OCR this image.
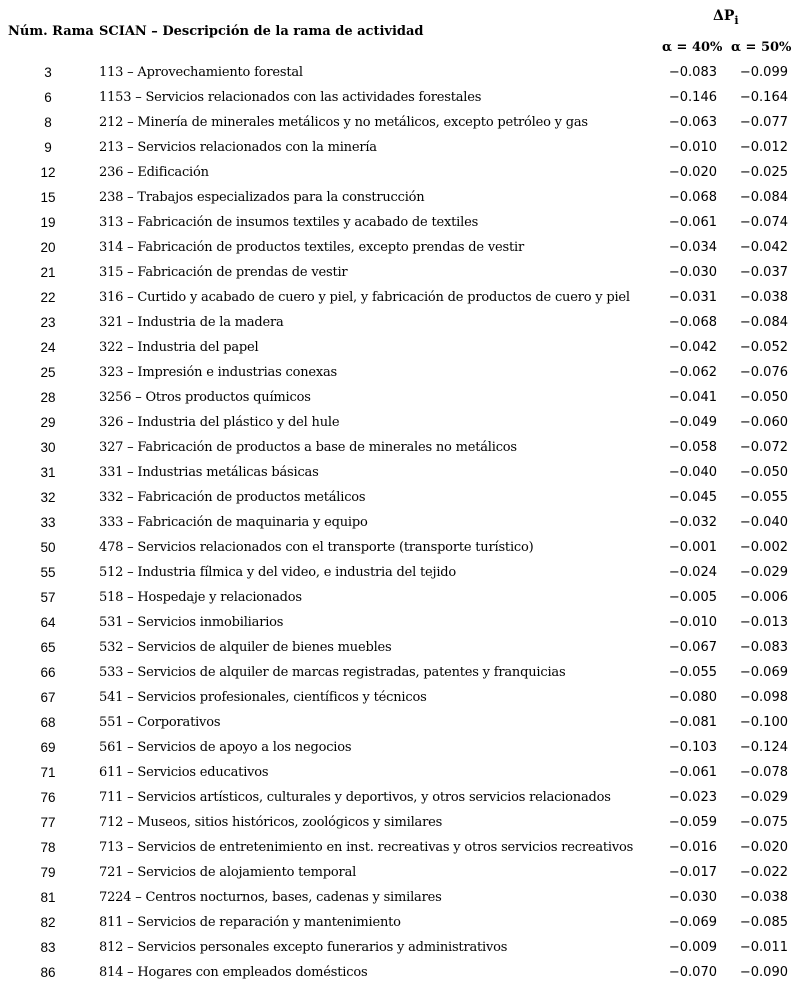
Núm. Rama SCIAN – Descripción de la rama de actividad
$\Delta P_i$
α = 40% α = 50%
3	113 – Aprovechamiento forestal	−0.083 −0.099
6	1153 – Servicios relacionados con las actividades forestales	−0.146 −0.164
8	212 – Minería de minerales metálicos y no metálicos, excepto petróleo y gas	−0.063 −0.077
9	213 – Servicios relacionados con la minería	−0.010 −0.012
12	236 – Edificación	−0.020 −0.025
15	238 – Trabajos especializados para la construcción	−0.068 −0.084
19	313 – Fabricación de insumos textiles y acabado de textiles	−0.061 −0.074
20	314 – Fabricación de productos textiles, excepto prendas de vestir	−0.034 −0.042
21	315 – Fabricación de prendas de vestir	−0.030 −0.037
22	316 – Curtido y acabado de cuero y piel, y fabricación de productos de cuero y piel	−0.031 −0.038
23	321 – Industria de la madera	−0.068 −0.084
24	322 – Industria del papel	−0.042 −0.052
25	323 – Impresión e industrias conexas	−0.062 −0.076
28	3256 – Otros productos químicos	−0.041 −0.050
29	326 – Industria del plástico y del hule	−0.049 −0.060
30	327 – Fabricación de productos a base de minerales no metálicos	−0.058 −0.072
31	331 – Industrias metálicas básicas	−0.040 −0.050
32	332 – Fabricación de productos metálicos	−0.045 −0.055
33	333 – Fabricación de maquinaria y equipo	−0.032 −0.040
50	478 – Servicios relacionados con el transporte (transporte turístico)	−0.001 −0.002
55	512 – Industria fílmica y del video, e industria del tejido	−0.024 −0.029
57	518 – Hospedaje y relacionados	−0.005 −0.006
64	531 – Servicios inmobiliarios	−0.010 −0.013
65	532 – Servicios de alquiler de bienes muebles	−0.067 −0.083
66	533 – Servicios de alquiler de marcas registradas, patentes y franquicias	−0.055 −0.069
67	541 – Servicios profesionales, científicos y técnicos	−0.080 −0.098
68	551 – Corporativos	−0.081 −0.100
69	561 – Servicios de apoyo a los negocios	−0.103 −0.124
71	611 – Servicios educativos	−0.061 −0.078
76	711 – Servicios artísticos, culturales y deportivos, y otros servicios relacionados	−0.023 −0.029
77	712 – Museos, sitios históricos, zoológicos y similares	−0.059 −0.075
78	713 – Servicios de entretenimiento en inst. recreativas y otros servicios recreativos	−0.016 −0.020
79	721 – Servicios de alojamiento temporal	−0.017 −0.022
81	7224 – Centros nocturnos, bases, cadenas y similares	−0.030 −0.038
82	811 – Servicios de reparación y mantenimiento	−0.069 −0.085
83	812 – Servicios personales excepto funerarios y administrativos	−0.009 −0.011
86	814 – Hogares con empleados domésticos	−0.070 −0.090
